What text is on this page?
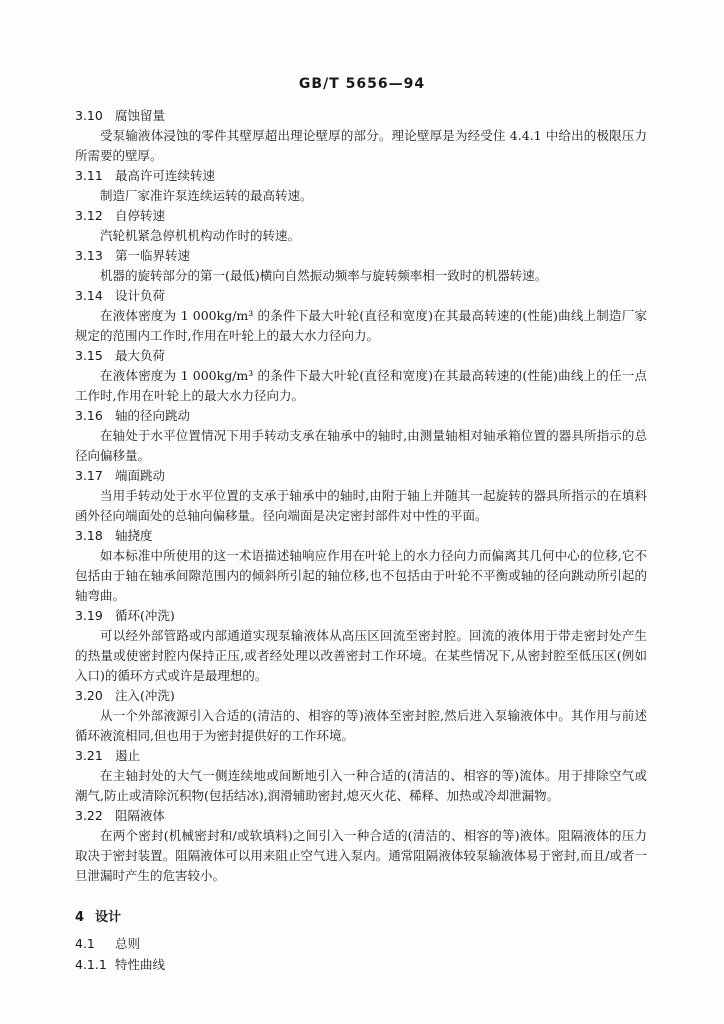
GB/T 5656—94
3.10 腐蚀留量

受泵输液体浸蚀的零件其壁厚超出理论壁厚的部分。理论壁厚是为经受住 4.4.1 中给出的极限压力所需要的壁厚。

3.11 最高许可连续转速

制造厂家准许泵连续运转的最高转速。

3.12 自停转速

汽轮机紧急停机机构动作时的转速。

3.13 第一临界转速

机器的旋转部分的第一(最低)横向自然振动频率与旋转频率相一致时的机器转速。

3.14 设计负荷

在液体密度为 1 000kg/m³ 的条件下最大叶轮(直径和宽度)在其最高转速的(性能)曲线上制造厂家规定的范围内工作时,作用在叶轮上的最大水力径向力。

3.15 最大负荷

在液体密度为 1 000kg/m³ 的条件下最大叶轮(直径和宽度)在其最高转速的(性能)曲线上的任一点工作时,作用在叶轮上的最大水力径向力。

3.16 轴的径向跳动

在轴处于水平位置情况下用手转动支承在轴承中的轴时,由测量轴相对轴承箱位置的器具所指示的总径向偏移量。

3.17 端面跳动

当用手转动处于水平位置的支承于轴承中的轴时,由附于轴上并随其一起旋转的器具所指示的在填料函外径向端面处的总轴向偏移量。径向端面是决定密封部件对中性的平面。

3.18 轴挠度

如本标准中所使用的这一术语描述轴响应作用在叶轮上的水力径向力而偏离其几何中心的位移,它不包括由于轴在轴承间隙范围内的倾斜所引起的轴位移,也不包括由于叶轮不平衡或轴的径向跳动所引起的轴弯曲。

3.19 循环(冲洗)

可以经外部管路或内部通道实现泵输液体从高压区回流至密封腔。回流的液体用于带走密封处产生的热量或使密封腔内保持正压,或者经处理以改善密封工作环境。在某些情况下,从密封腔至低压区(例如入口)的循环方式或许是最理想的。

3.20 注入(冲洗)

从一个外部液源引入合适的(清洁的、相容的等)液体至密封腔,然后进入泵输液体中。其作用与前述循环液流相同,但也用于为密封提供好的工作环境。

3.21 遏止

在主轴封处的大气一侧连续地或间断地引入一种合适的(清洁的、相容的等)流体。用于排除空气或潮气,防止或清除沉积物(包括结冰),润滑辅助密封,熄灭火花、稀释、加热或冷却泄漏物。

3.22 阻隔液体

在两个密封(机械密封和/或软填料)之间引入一种合适的(清洁的、相容的等)液体。阻隔液体的压力取决于密封装置。阻隔液体可以用来阻止空气进入泵内。通常阻隔液体较泵输液体易于密封,而且/或者一旦泄漏时产生的危害较小。

4 设计
4.1 总则
4.1.1 特性曲线
